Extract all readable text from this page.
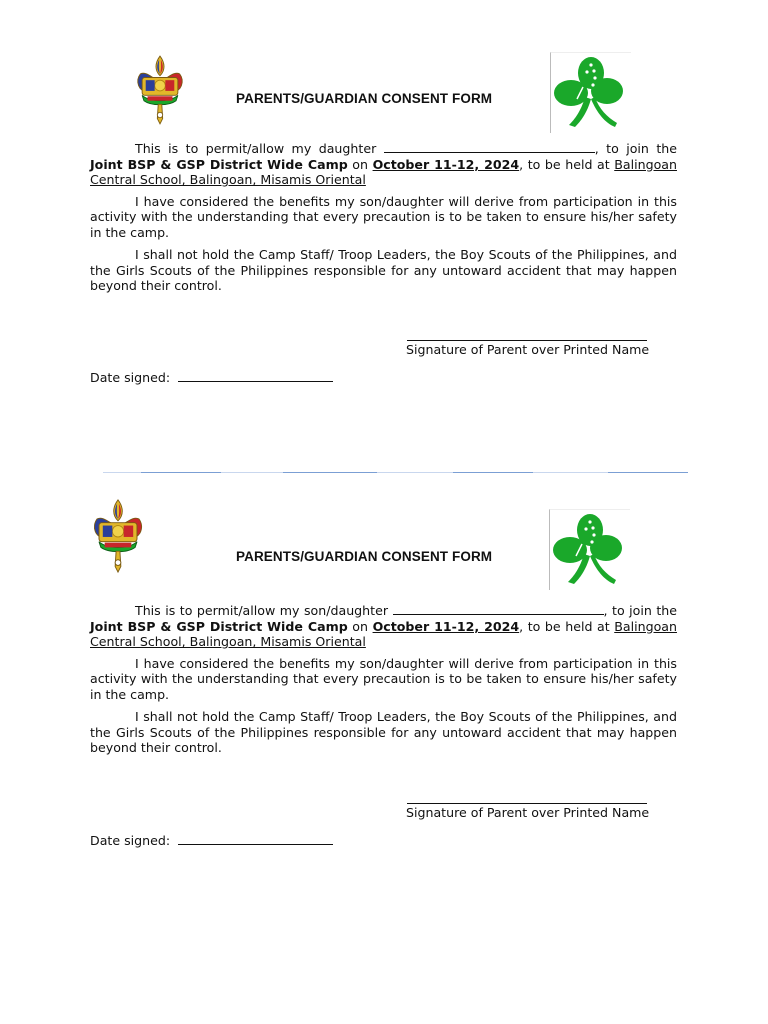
PARENTS/GUARDIAN CONSENT FORM

This is to permit/allow my daughter	, to join the Joint BSP & GSP District Wide Camp on October 11-12, 2024, to be held at Balingoan Central School, Balingoan, Misamis Oriental

I have considered the benefits my son/daughter will derive from participation in this activity with the understanding that every precaution is to be taken to ensure his/her safety in the camp.

I shall not hold the Camp Staff/ Troop Leaders, the Boy Scouts of the Philippines, and the Girls Scouts of the Philippines responsible for any untoward accident that may happen beyond their control.

Signature of Parent over Printed Name
Date signed:
PARENTS/GUARDIAN CONSENT FORM

This is to permit/allow my son/daughter	, to join the Joint BSP & GSP District Wide Camp on October 11-12, 2024, to be held at Balingoan Central School, Balingoan, Misamis Oriental

I have considered the benefits my son/daughter will derive from participation in this activity with the understanding that every precaution is to be taken to ensure his/her safety in the camp.

I shall not hold the Camp Staff/ Troop Leaders, the Boy Scouts of the Philippines, and the Girls Scouts of the Philippines responsible for any untoward accident that may happen beyond their control.

Signature of Parent over Printed Name
Date signed:
